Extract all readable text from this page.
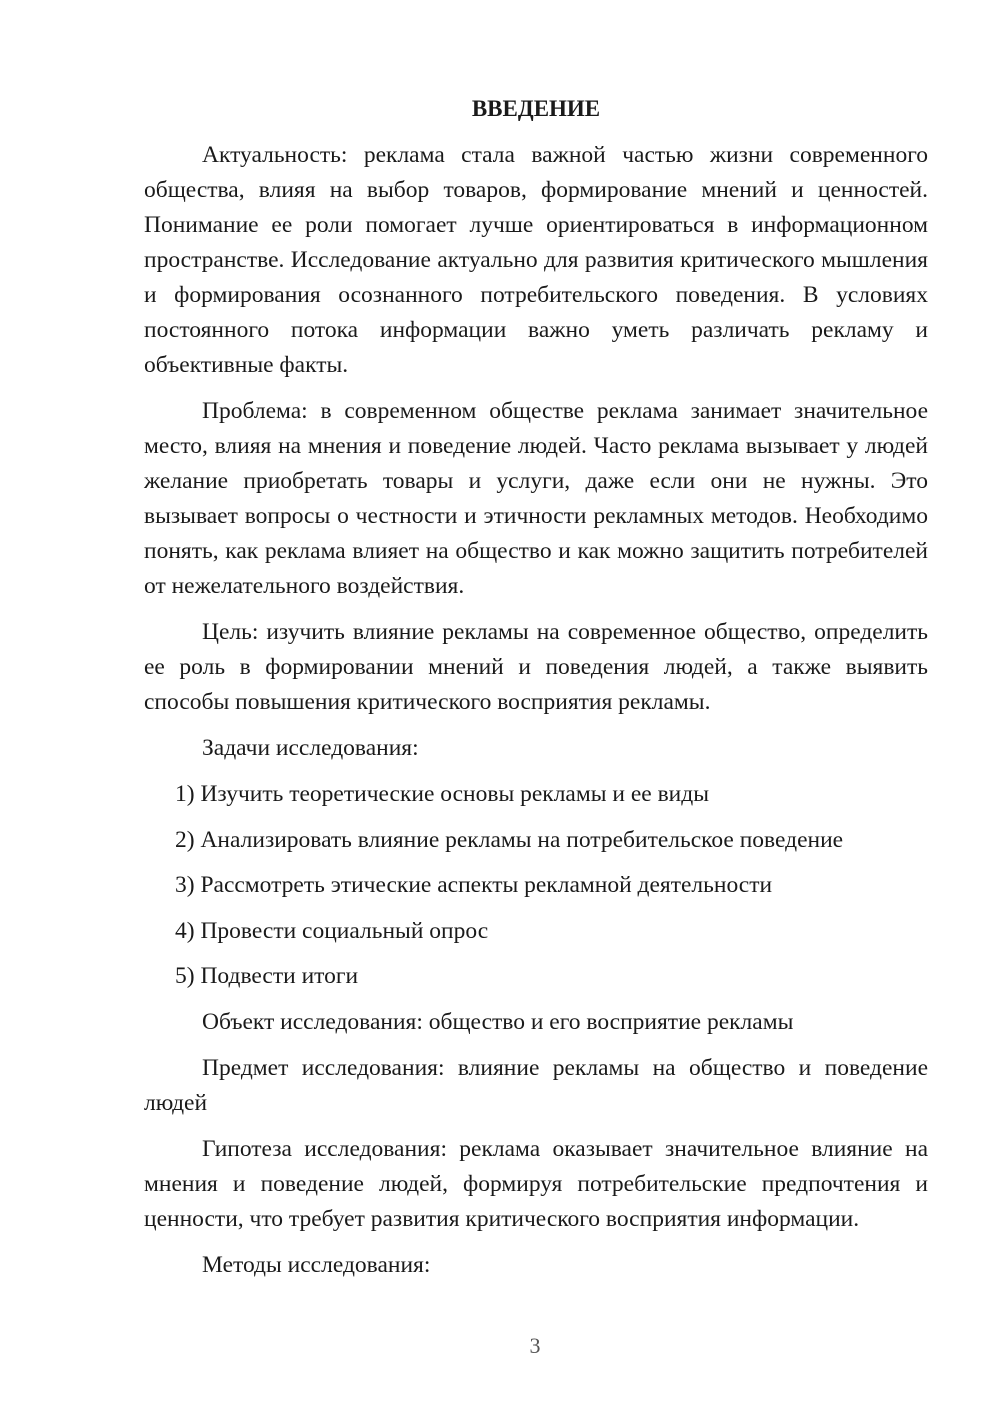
ВВЕДЕНИЕ

Актуальность: реклама стала важной частью жизни современного общества, влияя на выбор товаров, формирование мнений и ценностей. Понимание ее роли помогает лучше ориентироваться в информационном пространстве. Исследование актуально для развития критического мышления и формирования осознанного потребительского поведения. В условиях постоянного потока информации важно уметь различать рекламу и объективные факты.

Проблема: в современном обществе реклама занимает значительное место, влияя на мнения и поведение людей. Часто реклама вызывает у людей желание приобретать товары и услуги, даже если они не нужны. Это вызывает вопросы о честности и этичности рекламных методов. Необходимо понять, как реклама влияет на общество и как можно защитить потребителей от нежелательного воздействия.

Цель: изучить влияние рекламы на современное общество, определить ее роль в формировании мнений и поведения людей, а также выявить способы повышения критического восприятия рекламы.

Задачи исследования:

1) Изучить теоретические основы рекламы и ее виды
2) Анализировать влияние рекламы на потребительское поведение
3) Рассмотреть этические аспекты рекламной деятельности
4) Провести социальный опрос
5) Подвести итоги

Объект исследования: общество и его восприятие рекламы

Предмет исследования: влияние рекламы на общество и поведение людей

Гипотеза исследования: реклама оказывает значительное влияние на мнения и поведение людей, формируя потребительские предпочтения и ценности, что требует развития критического восприятия информации.

Методы исследования:

3
